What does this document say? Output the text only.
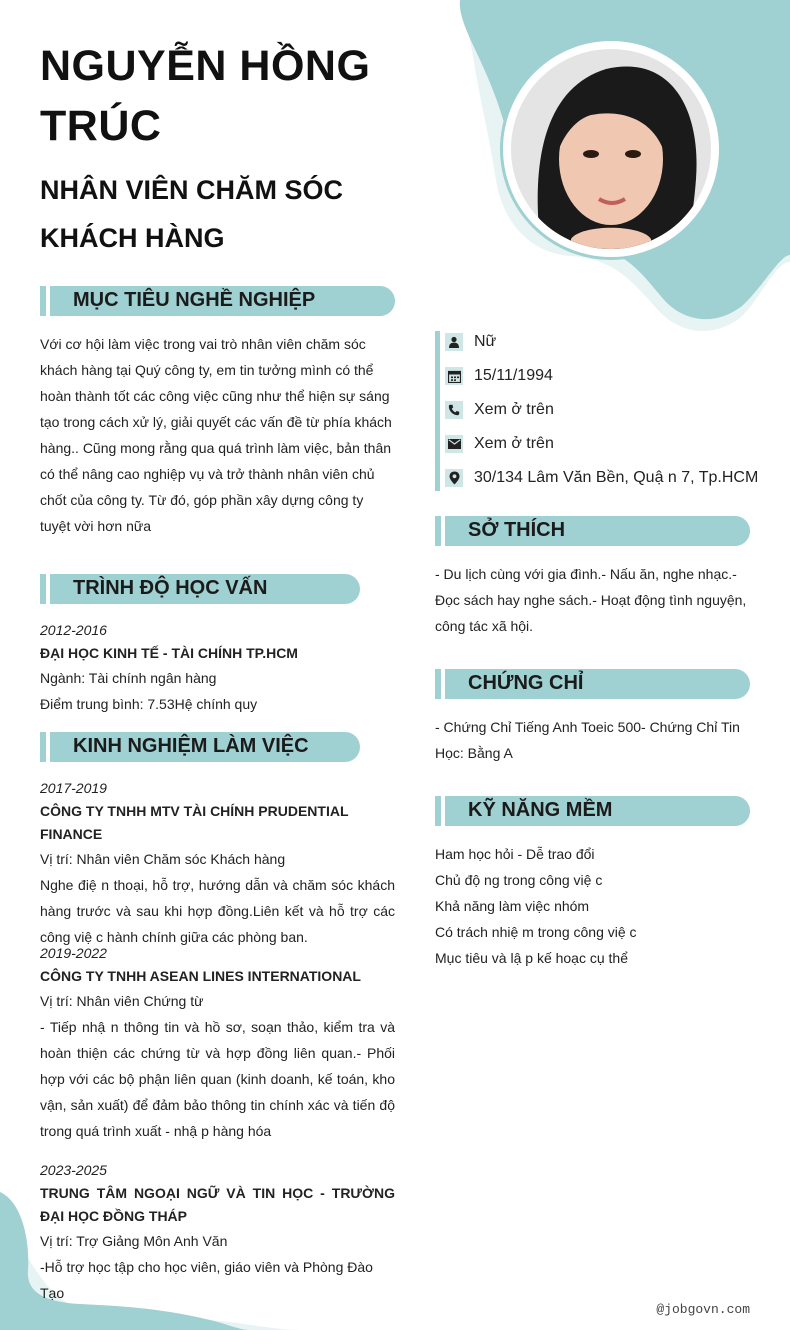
NGUYỄN HỒNG TRÚC
NHÂN VIÊN CHĂM SÓC KHÁCH HÀNG
MỤC TIÊU NGHỀ NGHIỆP
Với cơ hội làm việc trong vai trò nhân viên chăm sóc khách hàng tại Quý công ty, em tin tưởng mình có thể hoàn thành tốt các công việc cũng như thể hiện sự sáng tạo trong cách xử lý, giải quyết các vấn đề từ phía khách hàng.. Cũng mong rằng qua quá trình làm việc, bản thân có thể nâng cao nghiệp vụ và trở thành nhân viên chủ chốt của công ty. Từ đó, góp phần xây dựng công ty tuyệt vời hơn nữa
TRÌNH ĐỘ HỌC VẤN
2012-2016
ĐẠI HỌC KINH TẾ - TÀI CHÍNH TP.HCM
Ngành: Tài chính ngân hàng
Điểm trung bình: 7.53Hệ chính quy
KINH NGHIỆM LÀM VIỆC
2017-2019
CÔNG TY TNHH MTV TÀI CHÍNH PRUDENTIAL FINANCE
Vị trí: Nhân viên Chăm sóc Khách hàng
Nghe điệ n thoại, hỗ trợ, hướng dẫn và chăm sóc khách hàng trước và sau khi hợp đồng.Liên kết và hỗ trợ các công việ c hành chính giữa các phòng ban.
2019-2022
CÔNG TY TNHH ASEAN LINES INTERNATIONAL
Vị trí: Nhân viên Chứng từ
- Tiếp nhậ n thông tin và hồ sơ, soạn thảo, kiểm tra và hoàn thiện các chứng từ và hợp đồng liên quan.- Phối hợp với các bộ phận liên quan (kinh doanh, kế toán, kho vận, sản xuất) để đảm bảo thông tin chính xác và tiến độ trong quá trình xuất - nhậ p hàng hóa
2023-2025
TRUNG TÂM NGOẠI NGỮ VÀ TIN HỌC - TRƯỜNG ĐẠI HỌC ĐỒNG THÁP
Vị trí: Trợ Giảng Môn Anh Văn
-Hỗ trợ học tập cho học viên, giáo viên và Phòng Đào Tạo
Nữ
15/11/1994
Xem ở trên
Xem ở trên
30/134 Lâm Văn Bền, Quậ n 7, Tp.HCM
SỞ THÍCH
- Du lịch cùng với gia đình.- Nấu ăn, nghe nhạc.- Đọc sách hay nghe sách.- Hoạt động tình nguyện, công tác xã hội.
CHỨNG CHỈ
- Chứng Chỉ Tiếng Anh Toeic 500- Chứng Chỉ Tin Học: Bằng A
KỸ NĂNG MỀM
Ham học hỏi - Dễ trao đổi
Chủ độ ng trong công việ c
Khả năng làm việc nhóm
Có trách nhiệ m trong công việ c
Mục tiêu và lậ p kế hoạc cụ thể
@jobgovn.com
